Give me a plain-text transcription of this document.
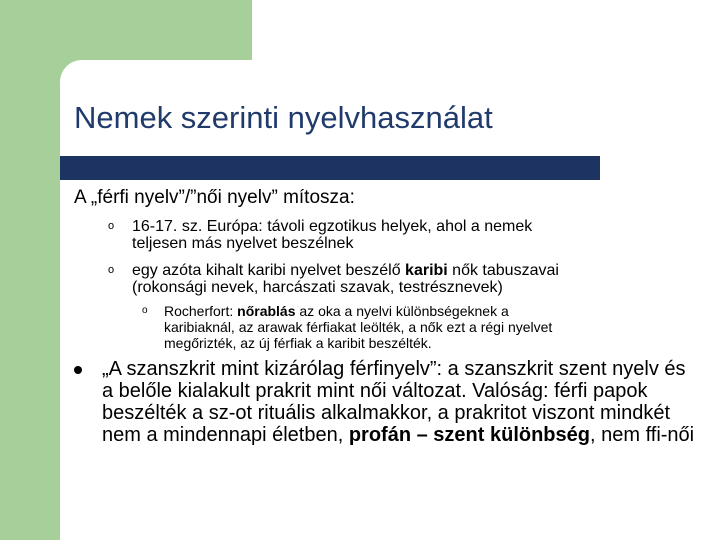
Nemek szerinti nyelvhasználat
A „férfi nyelv”/”női nyelv” mítosza:
o 16-17. sz. Európa: távoli egzotikus helyek, ahol a nemek
teljesen más nyelvet beszélnek
o egy azóta kihalt karibi nyelvet beszélő karibi nők tabuszavai
(rokonsági nevek, harcászati szavak, testrésznevek)
o Rocherfort: nőrablás az oka a nyelvi különbségeknek a
karibiaknál, az arawak férfiakat leölték, a nők ezt a régi nyelvet
megőrizték, az új férfiak a karibit beszélték.
„A szanszkrit mint kizárólag férfinyelv”: a szanszkrit szent nyelv és a belőle kialakult prakrit mint női változat. Valóság: férfi papok beszélték a sz-ot rituális alkalmakkor, a prakritot viszont mindkét nem a mindennapi életben, profán – szent különbség, nem ffi-női
